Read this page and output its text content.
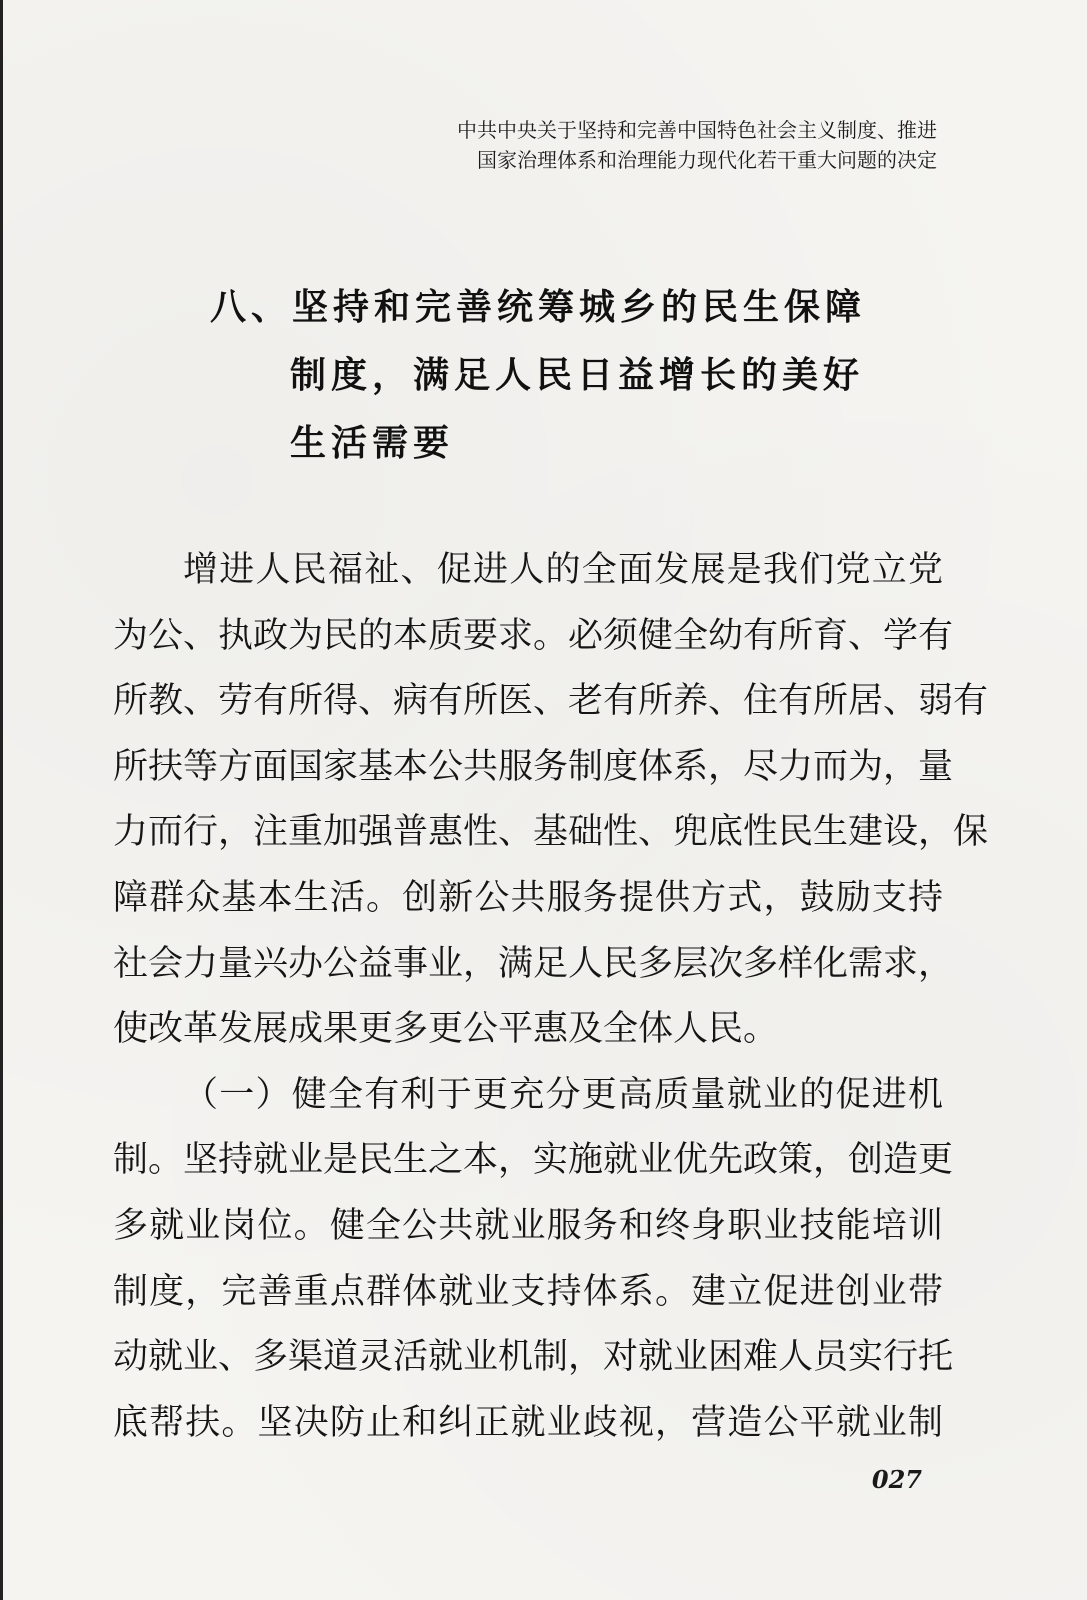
中共中央关于坚持和完善中国特色社会主义制度、推进
国家治理体系和治理能力现代化若干重大问题的决定
八、坚持和完善统筹城乡的民生保障
制度，满足人民日益增长的美好
生活需要
增进人民福祉、促进人的全面发展是我们党立党
为公、执政为民的本质要求。必须健全幼有所育、学有
所教、劳有所得、病有所医、老有所养、住有所居、弱有
所扶等方面国家基本公共服务制度体系，尽力而为，量
力而行，注重加强普惠性、基础性、兜底性民生建设，保
障群众基本生活。创新公共服务提供方式，鼓励支持
社会力量兴办公益事业，满足人民多层次多样化需求，
使改革发展成果更多更公平惠及全体人民。
（一）健全有利于更充分更高质量就业的促进机
制。坚持就业是民生之本，实施就业优先政策，创造更
多就业岗位。健全公共就业服务和终身职业技能培训
制度，完善重点群体就业支持体系。建立促进创业带
动就业、多渠道灵活就业机制，对就业困难人员实行托
底帮扶。坚决防止和纠正就业歧视，营造公平就业制
027
